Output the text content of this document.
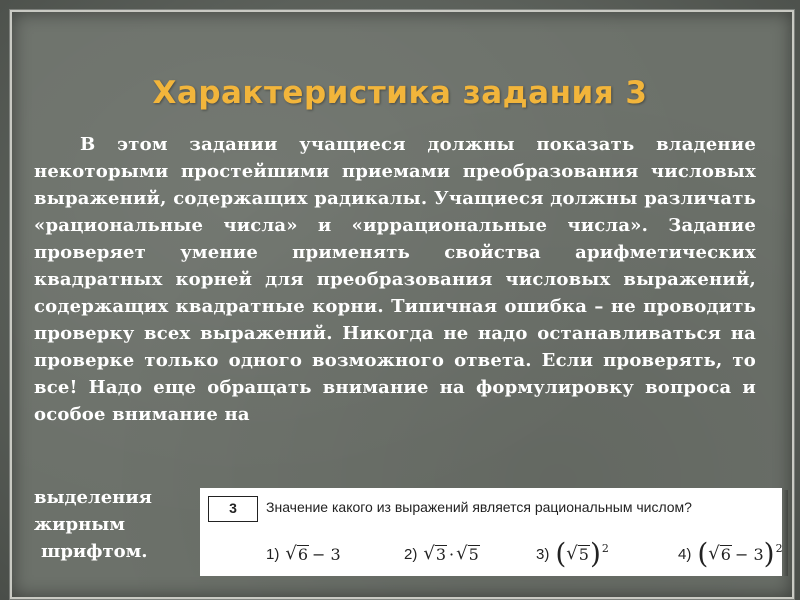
Характеристика задания 3
В этом задании учащиеся должны показать владение некоторыми простейшими приемами преобразования числовых выражений, содержащих радикалы. Учащиеся должны различать «рациональные числа» и «иррациональные числа». Задание проверяет умение применять свойства арифметических квадратных корней для преобразования числовых выражений, содержащих квадратные корни. Типичная ошибка – не проводить проверку всех выражений. Никогда не надо останавливаться на проверке только одного возможного ответа. Если проверять, то все! Надо еще обращать внимание на формулировку вопроса и особое внимание на
выделения
жирным
шрифтом.
3	Значение какого из выражений является рациональным числом?
1) √ 6 − 3	2) √ 3 · √ 5	3) ( √ 5 ) 2	4) ( √ 6 − 3 ) 2
